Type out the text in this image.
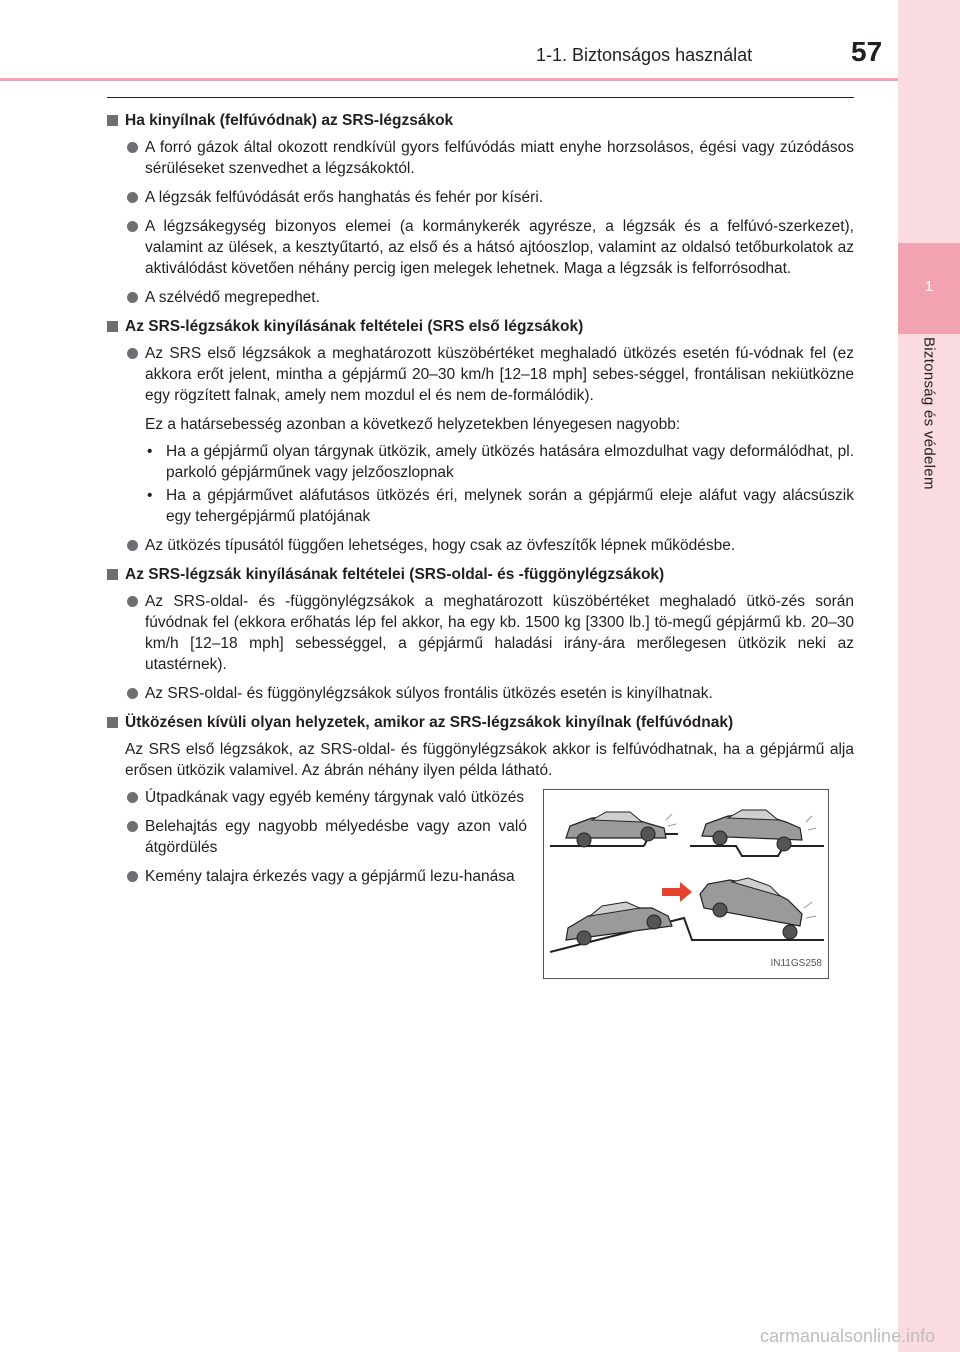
1
Biztonság és védelem
1-1. Biztonságos használat	57
Ha kinyílnak (felfúvódnak) az SRS-légzsákok
A forró gázok által okozott rendkívül gyors felfúvódás miatt enyhe horzsolásos, égési vagy zúzódásos sérüléseket szenvedhet a légzsákoktól.
A légzsák felfúvódását erős hanghatás és fehér por kíséri.
A légzsákegység bizonyos elemei (a kormánykerék agyrésze, a légzsák és a felfúvó-szerkezet), valamint az ülések, a kesztyűtartó, az első és a hátsó ajtóoszlop, valamint az oldalsó tetőburkolatok az aktiválódást követően néhány percig igen melegek lehetnek. Maga a légzsák is felforrósodhat.
A szélvédő megrepedhet.
Az SRS-légzsákok kinyílásának feltételei (SRS első légzsákok)
Az SRS első légzsákok a meghatározott küszöbértéket meghaladó ütközés esetén fú-vódnak fel (ez akkora erőt jelent, mintha a gépjármű 20–30 km/h [12–18 mph] sebes-séggel, frontálisan nekiütközne egy rögzített falnak, amely nem mozdul el és nem de-formálódik).
Ez a határsebesség azonban a következő helyzetekben lényegesen nagyobb:
• Ha a gépjármű olyan tárgynak ütközik, amely ütközés hatására elmozdulhat vagy deformálódhat, pl. parkoló gépjárműnek vagy jelzőoszlopnak
• Ha a gépjárművet aláfutásos ütközés éri, melynek során a gépjármű eleje aláfut vagy alácsúszik egy tehergépjármű platójának
Az ütközés típusától függően lehetséges, hogy csak az övfeszítők lépnek működésbe.
Az SRS-légzsák kinyílásának feltételei (SRS-oldal- és -függönylégzsákok)
Az SRS-oldal- és -függönylégzsákok a meghatározott küszöbértéket meghaladó ütkö-zés során fúvódnak fel (ekkora erőhatás lép fel akkor, ha egy kb. 1500 kg [3300 lb.] tö-megű gépjármű kb. 20–30 km/h [12–18 mph] sebességgel, a gépjármű haladási irány-ára merőlegesen ütközik neki az utastérnek).
Az SRS-oldal- és függönylégzsákok súlyos frontális ütközés esetén is kinyílhatnak.
Ütközésen kívüli olyan helyzetek, amikor az SRS-légzsákok kinyílnak (felfúvódnak)
Az SRS első légzsákok, az SRS-oldal- és függönylégzsákok akkor is felfúvódhatnak, ha a gépjármű alja erősen ütközik valamivel. Az ábrán néhány ilyen példa látható.
Útpadkának vagy egyéb kemény tárgynak való ütközés
Belehajtás egy nagyobb mélyedésbe vagy azon való átgördülés
Kemény talajra érkezés vagy a gépjármű lezu-hanása
IN11GS258
carmanualsonline.info
